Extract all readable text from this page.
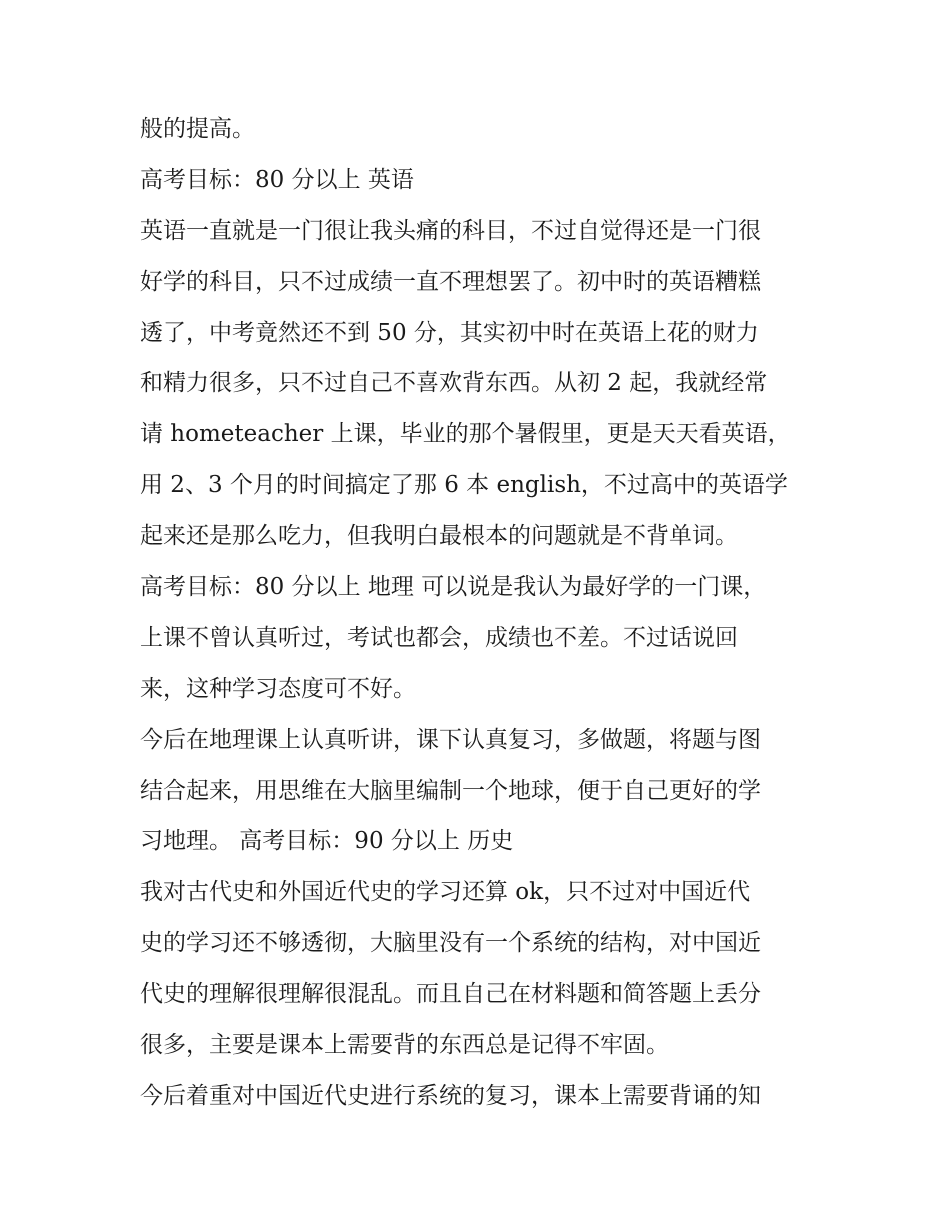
般的提高。
高考目标：80 分以上 英语
英语一直就是一门很让我头痛的科目，不过自觉得还是一门很
好学的科目，只不过成绩一直不理想罢了。初中时的英语糟糕
透了，中考竟然还不到 50 分，其实初中时在英语上花的财力
和精力很多，只不过自己不喜欢背东西。从初 2 起，我就经常
请 hometeacher 上课，毕业的那个暑假里，更是天天看英语，
用 2、3 个月的时间搞定了那 6 本 english，不过高中的英语学
起来还是那么吃力，但我明白最根本的问题就是不背单词。
高考目标：80 分以上 地理 可以说是我认为最好学的一门课，
上课不曾认真听过，考试也都会，成绩也不差。不过话说回
来，这种学习态度可不好。
今后在地理课上认真听讲，课下认真复习，多做题，将题与图
结合起来，用思维在大脑里编制一个地球，便于自己更好的学
习地理。 高考目标：90 分以上 历史
我对古代史和外国近代史的学习还算 ok，只不过对中国近代
史的学习还不够透彻，大脑里没有一个系统的结构，对中国近
代史的理解很理解很混乱。而且自己在材料题和简答题上丢分
很多，主要是课本上需要背的东西总是记得不牢固。
今后着重对中国近代史进行系统的复习，课本上需要背诵的知
